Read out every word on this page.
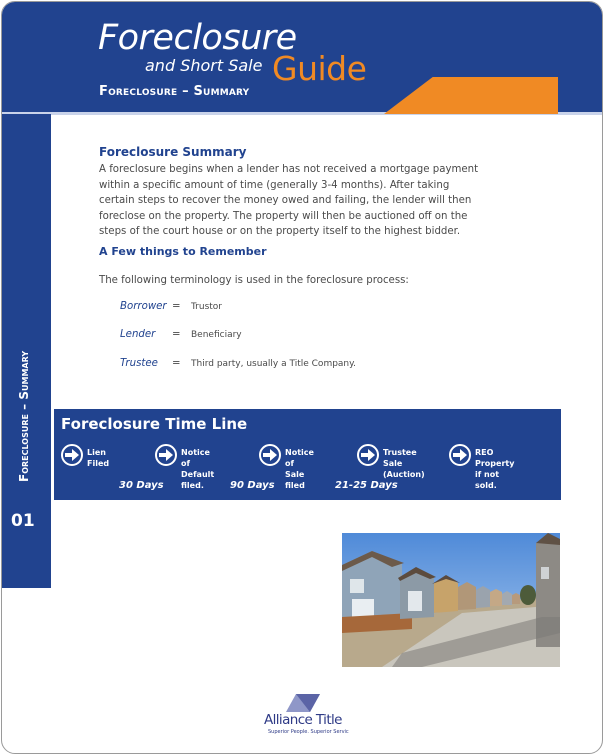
Foreclosure
and Short Sale Guide
Foreclosure – Summary
Foreclosure – Summary
01
Foreclosure Summary
A foreclosure begins when a lender has not received a mortgage payment
within a specific amount of time (generally 3-4 months). After taking
certain steps to recover the money owed and failing, the lender will then
foreclose on the property. The property will then be auctioned off on the
steps of the court house or on the property itself to the highest bidder.
A Few things to Remember
The following terminology is used in the foreclosure process:
Borrower = Trustor
Lender = Beneficiary
Trustee = Third party, usually a Title Company.
Foreclosure Time Line
Lien Filed
Notice of Default
filed.
Notice of Sale
filed
Trustee Sale
(Auction)
REO Property if not
sold.
30 Days	90 Days	21-25 Days
Alliance Title
Superior People. Superior Servic
